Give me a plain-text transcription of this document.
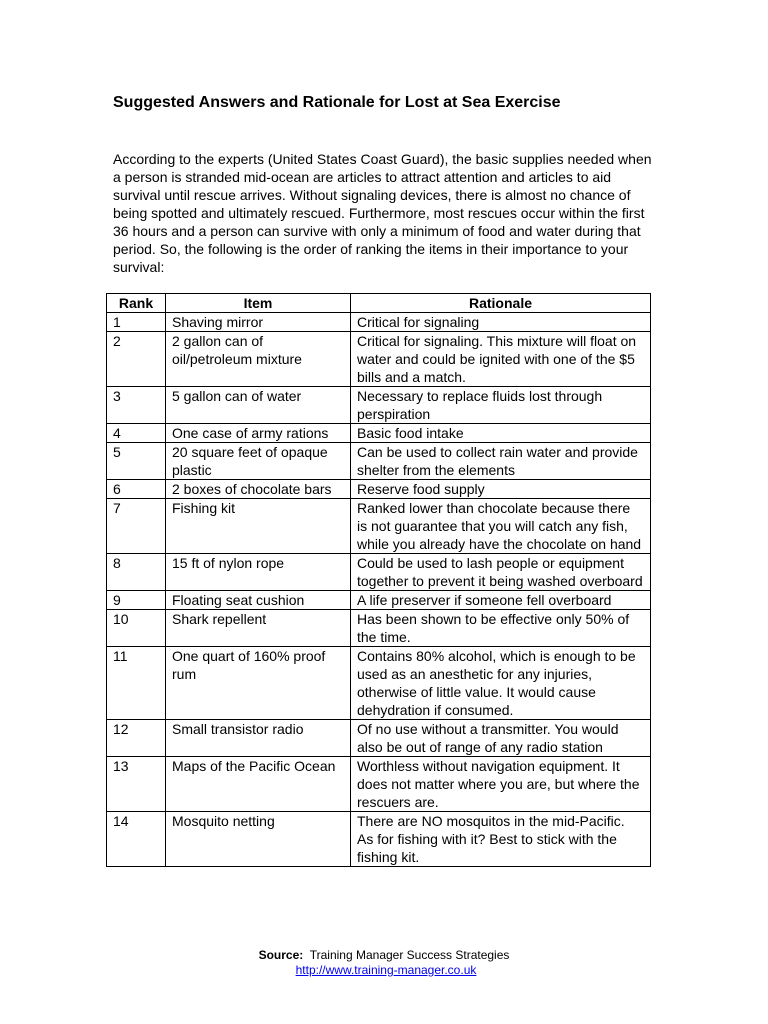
Suggested Answers and Rationale for Lost at Sea Exercise

According to the experts (United States Coast Guard), the basic supplies needed when a person is stranded mid-ocean are articles to attract attention and articles to aid survival until rescue arrives. Without signaling devices, there is almost no chance of being spotted and ultimately rescued. Furthermore, most rescues occur within the first 36 hours and a person can survive with only a minimum of food and water during that period. So, the following is the order of ranking the items in their importance to your survival:

Rank	Item	Rationale
1	Shaving mirror	Critical for signaling
2	2 gallon can of oil/petroleum mixture	Critical for signaling. This mixture will float on water and could be ignited with one of the $5 bills and a match.
3	5 gallon can of water	Necessary to replace fluids lost through perspiration
4	One case of army rations	Basic food intake
5	20 square feet of opaque plastic	Can be used to collect rain water and provide shelter from the elements
6	2 boxes of chocolate bars	Reserve food supply
7	Fishing kit	Ranked lower than chocolate because there is not guarantee that you will catch any fish, while you already have the chocolate on hand
8	15 ft of nylon rope	Could be used to lash people or equipment together to prevent it being washed overboard
9	Floating seat cushion	A life preserver if someone fell overboard
10	Shark repellent	Has been shown to be effective only 50% of the time.
11	One quart of 160% proof rum	Contains 80% alcohol, which is enough to be used as an anesthetic for any injuries, otherwise of little value. It would cause dehydration if consumed.
12	Small transistor radio	Of no use without a transmitter. You would also be out of range of any radio station
13	Maps of the Pacific Ocean	Worthless without navigation equipment. It does not matter where you are, but where the rescuers are.
14	Mosquito netting	There are NO mosquitos in the mid-Pacific. As for fishing with it? Best to stick with the fishing kit.
Source: Training Manager Success Strategies
http://www.training-manager.co.uk
